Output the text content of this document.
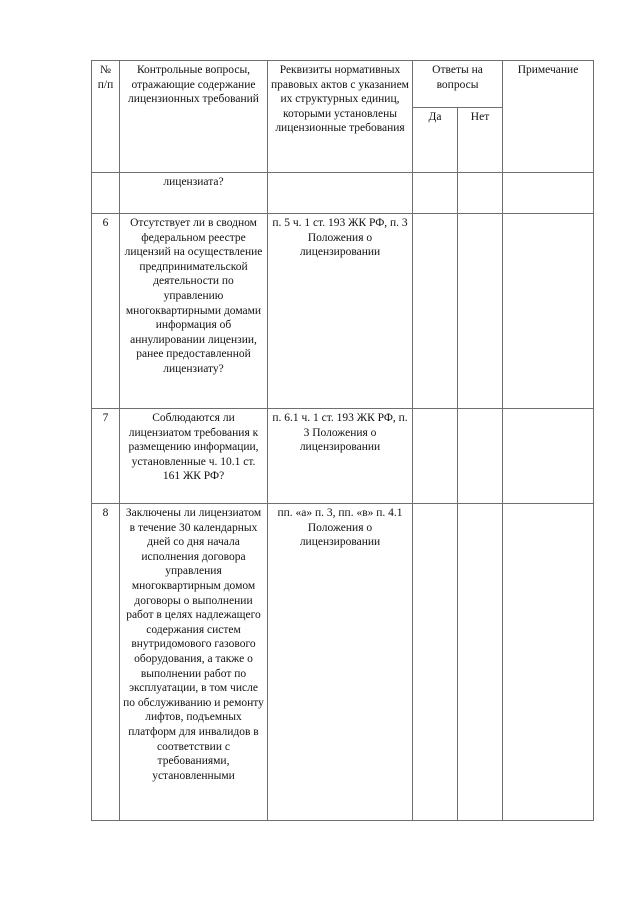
№ п/п	Контрольные вопросы, отражающие содержание лицензионных требований	Реквизиты нормативных правовых актов с указанием их структурных единиц, которыми установлены лицензионные требования	Ответы на вопросы		Примечание
			Да	Нет	
	лицензиата?				
6	Отсутствует ли в сводном федеральном реестре лицензий на осуществление предпринимательской деятельности по управлению многоквартирными домами информация об аннулировании лицензии, ранее предоставленной лицензиату?	п. 5 ч. 1 ст. 193 ЖК РФ, п. 3 Положения о лицензировании			
7	Соблюдаются ли лицензиатом требования к размещению информации, установленные ч. 10.1 ст. 161 ЖК РФ?	п. 6.1 ч. 1 ст. 193 ЖК РФ, п. 3 Положения о лицензировании			
8	Заключены ли лицензиатом в течение 30 календарных дней со дня начала исполнения договора управления многоквартирным домом договоры о выполнении работ в целях надлежащего содержания систем внутридомового газового оборудования, а также о выполнении работ по эксплуатации, в том числе по обслуживанию и ремонту лифтов, подъемных платформ для инвалидов в соответствии с требованиями, установленными	пп. «а» п. 3, пп. «в» п. 4.1 Положения о лицензировании			
